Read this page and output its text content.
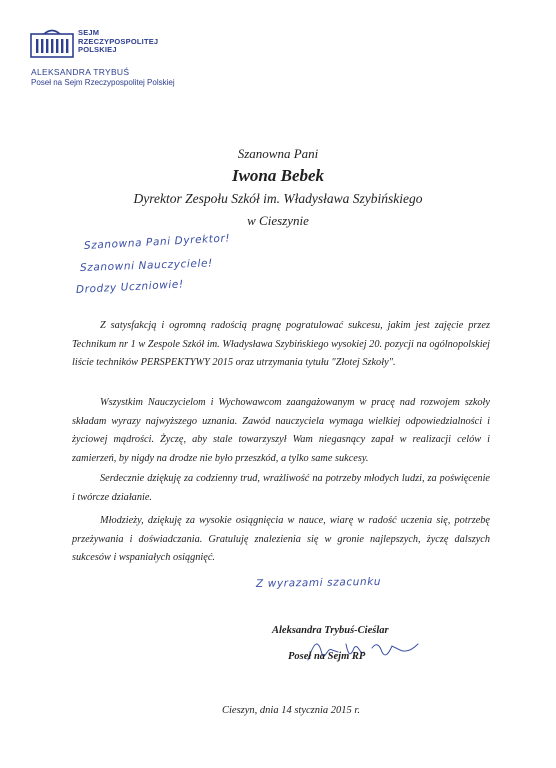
SEJM
RZECZYPOSPOLITEJ
POLSKIEJ
ALEKSANDRA TRYBUŚ
Poseł na Sejm Rzeczypospolitej Polskiej
Szanowna Pani
Iwona Bebek
Dyrektor Zespołu Szkół im. Władysława Szybińskiego
w Cieszynie
Szanowna Pani Dyrektor!
Szanowni Nauczyciele!
Drodzy Uczniowie!

Z satysfakcją i ogromną radością pragnę pogratulować sukcesu, jakim jest zajęcie przez Technikum nr 1 w Zespole Szkół im. Władysława Szybińskiego wysokiej 20. pozycji na ogólnopolskiej liście techników PERSPEKTYWY 2015 oraz utrzymania tytułu "Złotej Szkoły".

Wszystkim Nauczycielom i Wychowawcom zaangażowanym w pracę nad rozwojem szkoły składam wyrazy najwyższego uznania. Zawód nauczyciela wymaga wielkiej odpowiedzialności i życiowej mądrości. Życzę, aby stale towarzyszył Wam niegasnący zapał w realizacji celów i zamierzeń, by nigdy na drodze nie było przeszkód, a tylko same sukcesy.

Serdecznie dziękuję za codzienny trud, wrażliwość na potrzeby młodych ludzi, za poświęcenie i twórcze działanie.

Młodzieży, dziękuję za wysokie osiągnięcia w nauce, wiarę w radość uczenia się, potrzebę przeżywania i doświadczania. Gratuluję znalezienia się w gronie najlepszych, życzę dalszych sukcesów i wspaniałych osiągnięć.

Z wyrazami szacunku
Aleksandra Trybuś-Cieślar
Poseł na Sejm RP
Cieszyn, dnia 14 stycznia 2015 r.
